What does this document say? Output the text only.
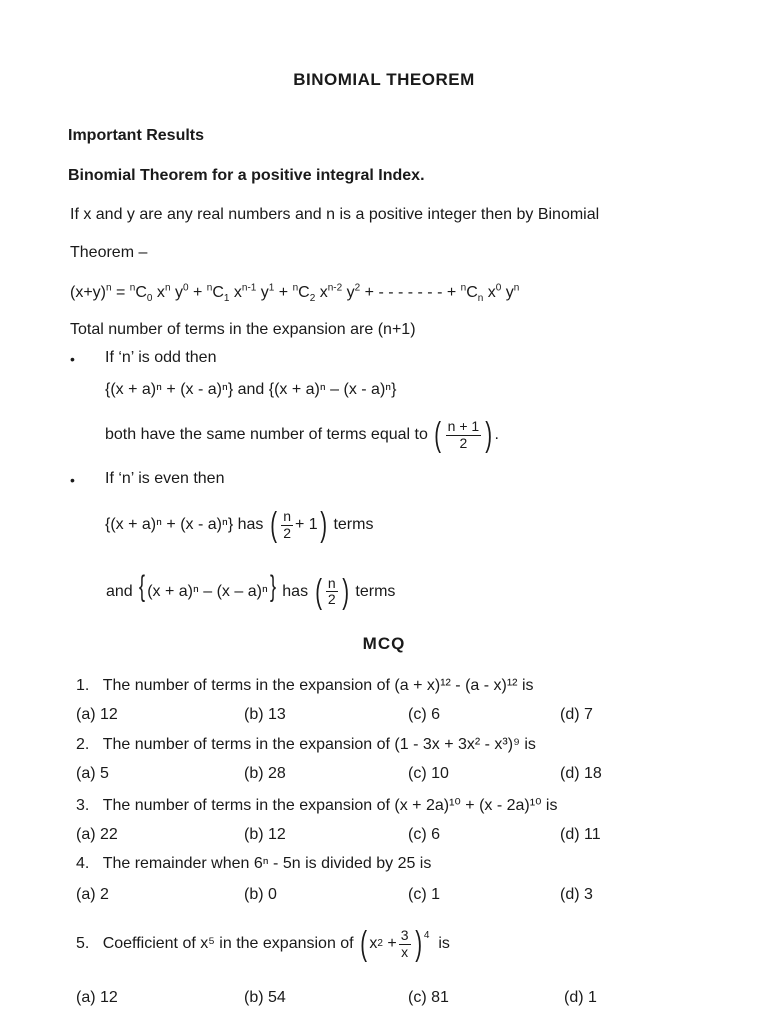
BINOMIAL THEOREM
Important Results
Binomial Theorem for a positive integral Index.
If x and y are any real numbers and n is a positive integer then by Binomial
Theorem –
$(x+y)^n = ^nC_0$ $x^n$ $y^0 + ^nC_1$ $x^{n-1}$ $y^1 + ^nC_2$ $x^{n-2}$ $y^2$ + - - - - - - - + $^nC_n$ $x^0$ $y^n$
Total number of terms in the expansion are (n+1)
• If ‘n’ is odd then
{(x + a)ⁿ + (x - a)ⁿ} and {(x + a)ⁿ – (x - a)ⁿ}
both have the same number of terms equal to ( $\frac{n + 1}{2}$ ) .
• If ‘n’ is even then
{(x + a)ⁿ + (x - a)ⁿ} has ( $\frac{n}{2} + 1$ ) terms
and { (x + a)ⁿ – (x – a)ⁿ} has ( $\frac{n}{2}$ ) terms
MCQ
1. The number of terms in the expansion of (a + x)¹² - (a - x)¹² is
(a) 12	(b) 13	(c) 6	(d) 7
2. The number of terms in the expansion of (1 - 3x + 3x² - x³)⁹ is
(a) 5	(b) 28	(c) 10	(d) 18
3. The number of terms in the expansion of (x + 2a)¹⁰ + (x - 2a)¹⁰ is
(a) 22	(b) 12	(c) 6	(d) 11
4. The remainder when 6ⁿ - 5n is divided by 25 is
(a) 2	(b) 0	(c) 1	(d) 3
5. Coefficient of x⁵ in the expansion of ( x 2
+ $\frac{3}{x} )^4$ is
(a) 12	(b) 54	(c) 81	(d) 1
